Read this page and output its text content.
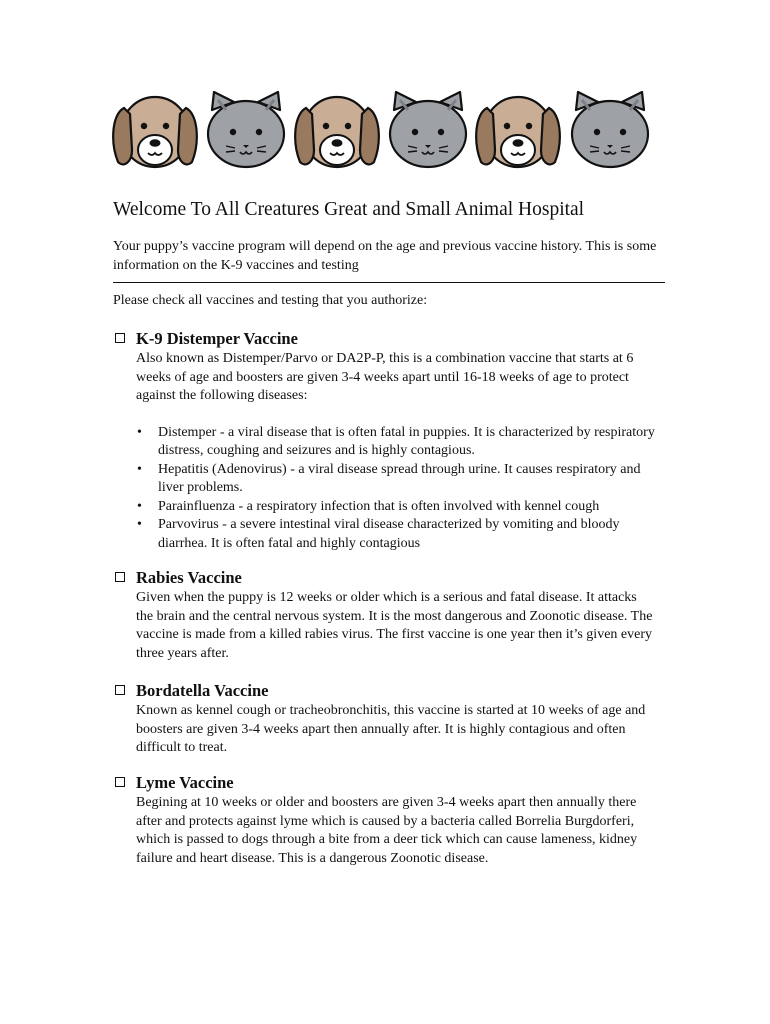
Welcome To All Creatures Great and Small Animal Hospital
Your puppy’s vaccine program will depend on the age and previous vaccine history. This is some information on the K-9 vaccines and testing
Please check all vaccines and testing that you authorize:
K-9 Distemper Vaccine
Also known as Distemper/Parvo or DA2P-P, this is a combination vaccine that starts at 6 weeks of age and boosters are given 3-4 weeks apart until 16-18 weeks of age to protect against the following diseases:
• Distemper - a viral disease that is often fatal in puppies. It is characterized by respiratory distress, coughing and seizures and is highly contagious.
• Hepatitis (Adenovirus) - a viral disease spread through urine. It causes respiratory and liver problems.
• Parainfluenza - a respiratory infection that is often involved with kennel cough
• Parvovirus - a severe intestinal viral disease characterized by vomiting and bloody diarrhea. It is often fatal and highly contagious
Rabies Vaccine
Given when the puppy is 12 weeks or older which is a serious and fatal disease. It attacks the brain and the central nervous system. It is the most dangerous and Zoonotic disease. The vaccine is made from a killed rabies virus. The first vaccine is one year then it’s given every three years after.
Bordatella Vaccine
Known as kennel cough or tracheobronchitis, this vaccine is started at 10 weeks of age and boosters are given 3-4 weeks apart then annually after. It is highly contagious and often difficult to treat.
Lyme Vaccine
Begining at 10 weeks or older and boosters are given 3-4 weeks apart then annually there after and protects against lyme which is caused by a bacteria called Borrelia Burgdorferi, which is passed to dogs through a bite from a deer tick which can cause lameness, kidney failure and heart disease. This is a dangerous Zoonotic disease.
